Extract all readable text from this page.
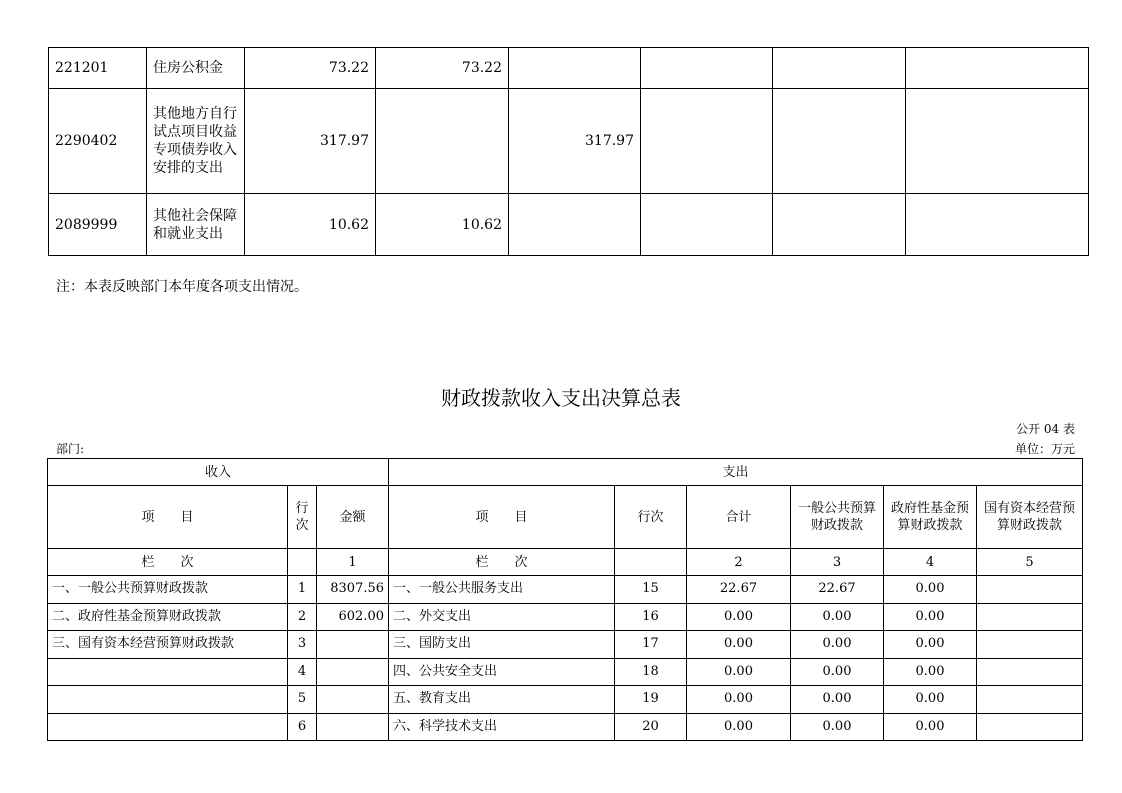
221201	住房公积金	73.22	73.22				
2290402	其他地方自行试点项目收益专项债券收入安排的支出	317.97		317.97			
2089999	其他社会保障和就业支出	10.62	10.62				
注：本表反映部门本年度各项支出情况。
财政拨款收入支出决算总表
公开 04 表
部门:	单位：万元
收入			支出					
项　　目	行次	金额	项　　目	行次	合计	一般公共预算财政拨款	政府性基金预算财政拨款	国有资本经营预算财政拨款
栏　　次		1	栏　　次		2	3	4	5
一、一般公共预算财政拨款	1	8307.56	一、一般公共服务支出	15	22.67	22.67	0.00	
二、政府性基金预算财政拨款	2	602.00	二、外交支出	16	0.00	0.00	0.00	
三、国有资本经营预算财政拨款	3		三、国防支出	17	0.00	0.00	0.00	
	4		四、公共安全支出	18	0.00	0.00	0.00	
	5		五、教育支出	19	0.00	0.00	0.00	
	6		六、科学技术支出	20	0.00	0.00	0.00	
